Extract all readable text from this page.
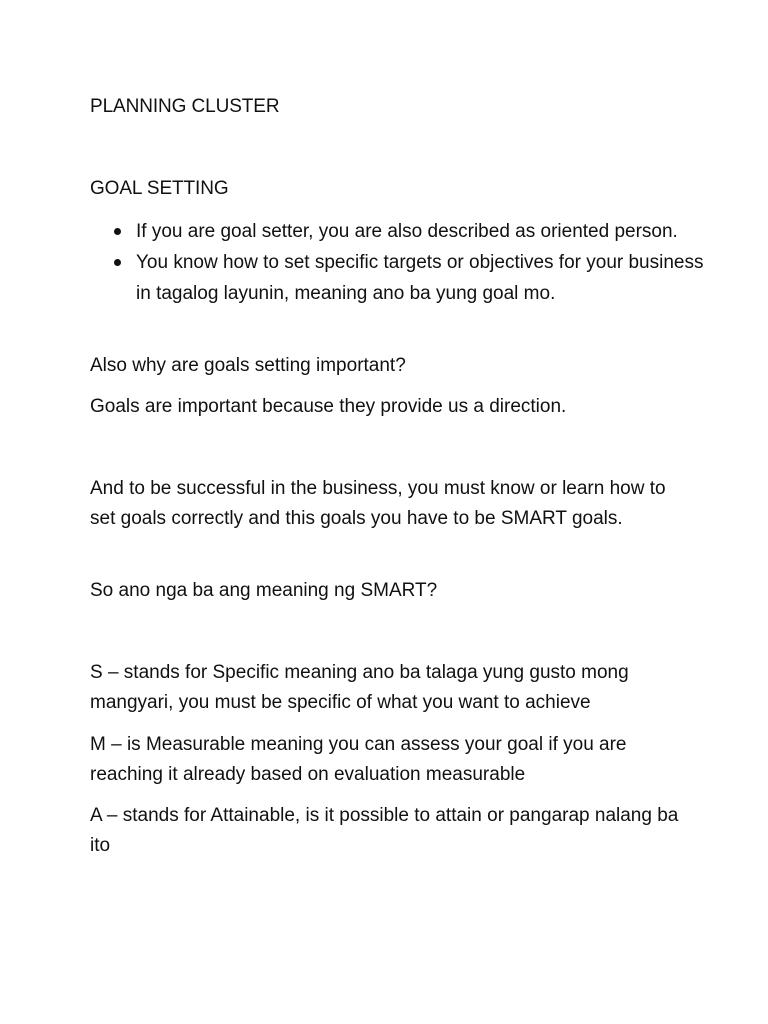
PLANNING CLUSTER
GOAL SETTING
If you are goal setter, you are also described as oriented person.
You know how to set specific targets or objectives for your business in tagalog layunin, meaning ano ba yung goal mo.
Also why are goals setting important?
Goals are important because they provide us a direction.
And to be successful in the business, you must know or learn how to set goals correctly and this goals you have to be SMART goals.
So ano nga ba ang meaning ng SMART?
S – stands for Specific meaning ano ba talaga yung gusto mong mangyari, you must be specific of what you want to achieve
M – is Measurable meaning you can assess your goal if you are reaching it already based on evaluation measurable
A – stands for Attainable, is it possible to attain or pangarap nalang ba ito
